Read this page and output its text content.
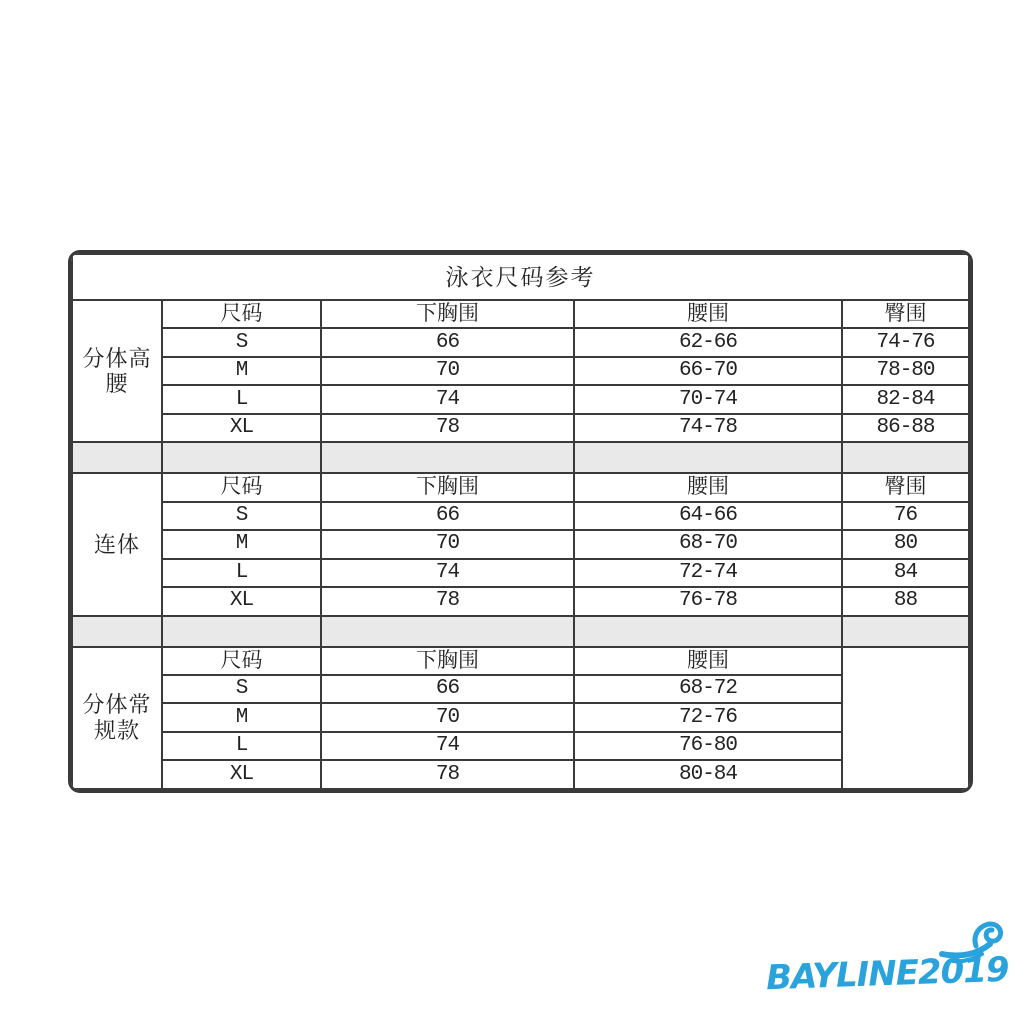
泳衣尺码参考				
分体高腰	尺码	下胸围	腰围	臀围
	S	66	62-66	74-76
	M	70	66-70	78-80
	L	74	70-74	82-84
	XL	78	74-78	86-88

连体	尺码	下胸围	腰围	臀围
	S	66	64-66	76
	M	70	68-70	80
	L	74	72-74	84
	XL	78	76-78	88

分体常规款	尺码	下胸围	腰围	
	S	66	68-72	
	M	70	72-76	
	L	74	76-80	
	XL	78	80-84	
BAYLINE2019
